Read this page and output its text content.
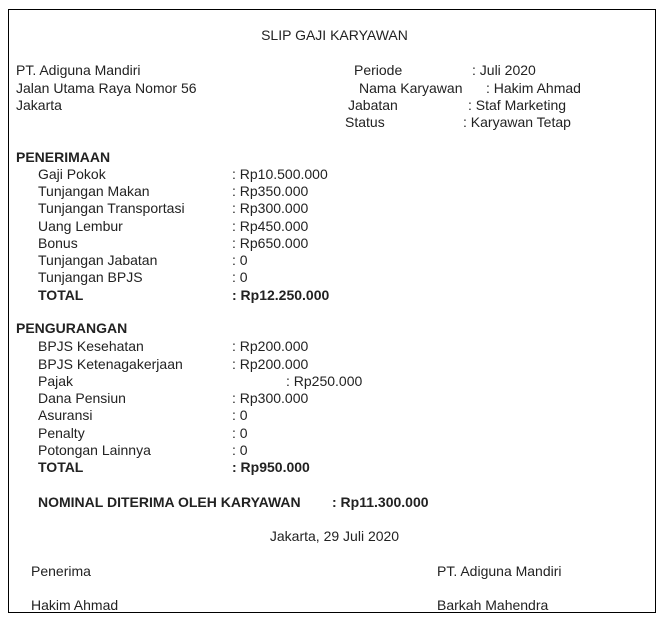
SLIP GAJI KARYAWAN
PT. Adiguna Mandiri
Jalan Utama Raya Nomor 56
Jakarta
Periode	: Juli 2020
Nama Karyawan : Hakim Ahmad
Jabatan	: Staf Marketing
Status	: Karyawan Tetap
PENERIMAAN
Gaji Pokok	: Rp10.500.000
Tunjangan Makan	: Rp350.000
Tunjangan Transportasi	: Rp300.000
Uang Lembur	: Rp450.000
Bonus	: Rp650.000
Tunjangan Jabatan	: 0
Tunjangan BPJS	: 0
TOTAL	: Rp12.250.000
PENGURANGAN
BPJS Kesehatan	: Rp200.000
BPJS Ketenagakerjaan	: Rp200.000
Pajak	: Rp250.000
Dana Pensiun	: Rp300.000
Asuransi	: 0
Penalty	: 0
Potongan Lainnya	: 0
TOTAL	: Rp950.000
NOMINAL DITERIMA OLEH KARYAWAN : Rp11.300.000
Jakarta, 29 Juli 2020
Penerima	PT. Adiguna Mandiri
Hakim Ahmad	Barkah Mahendra
